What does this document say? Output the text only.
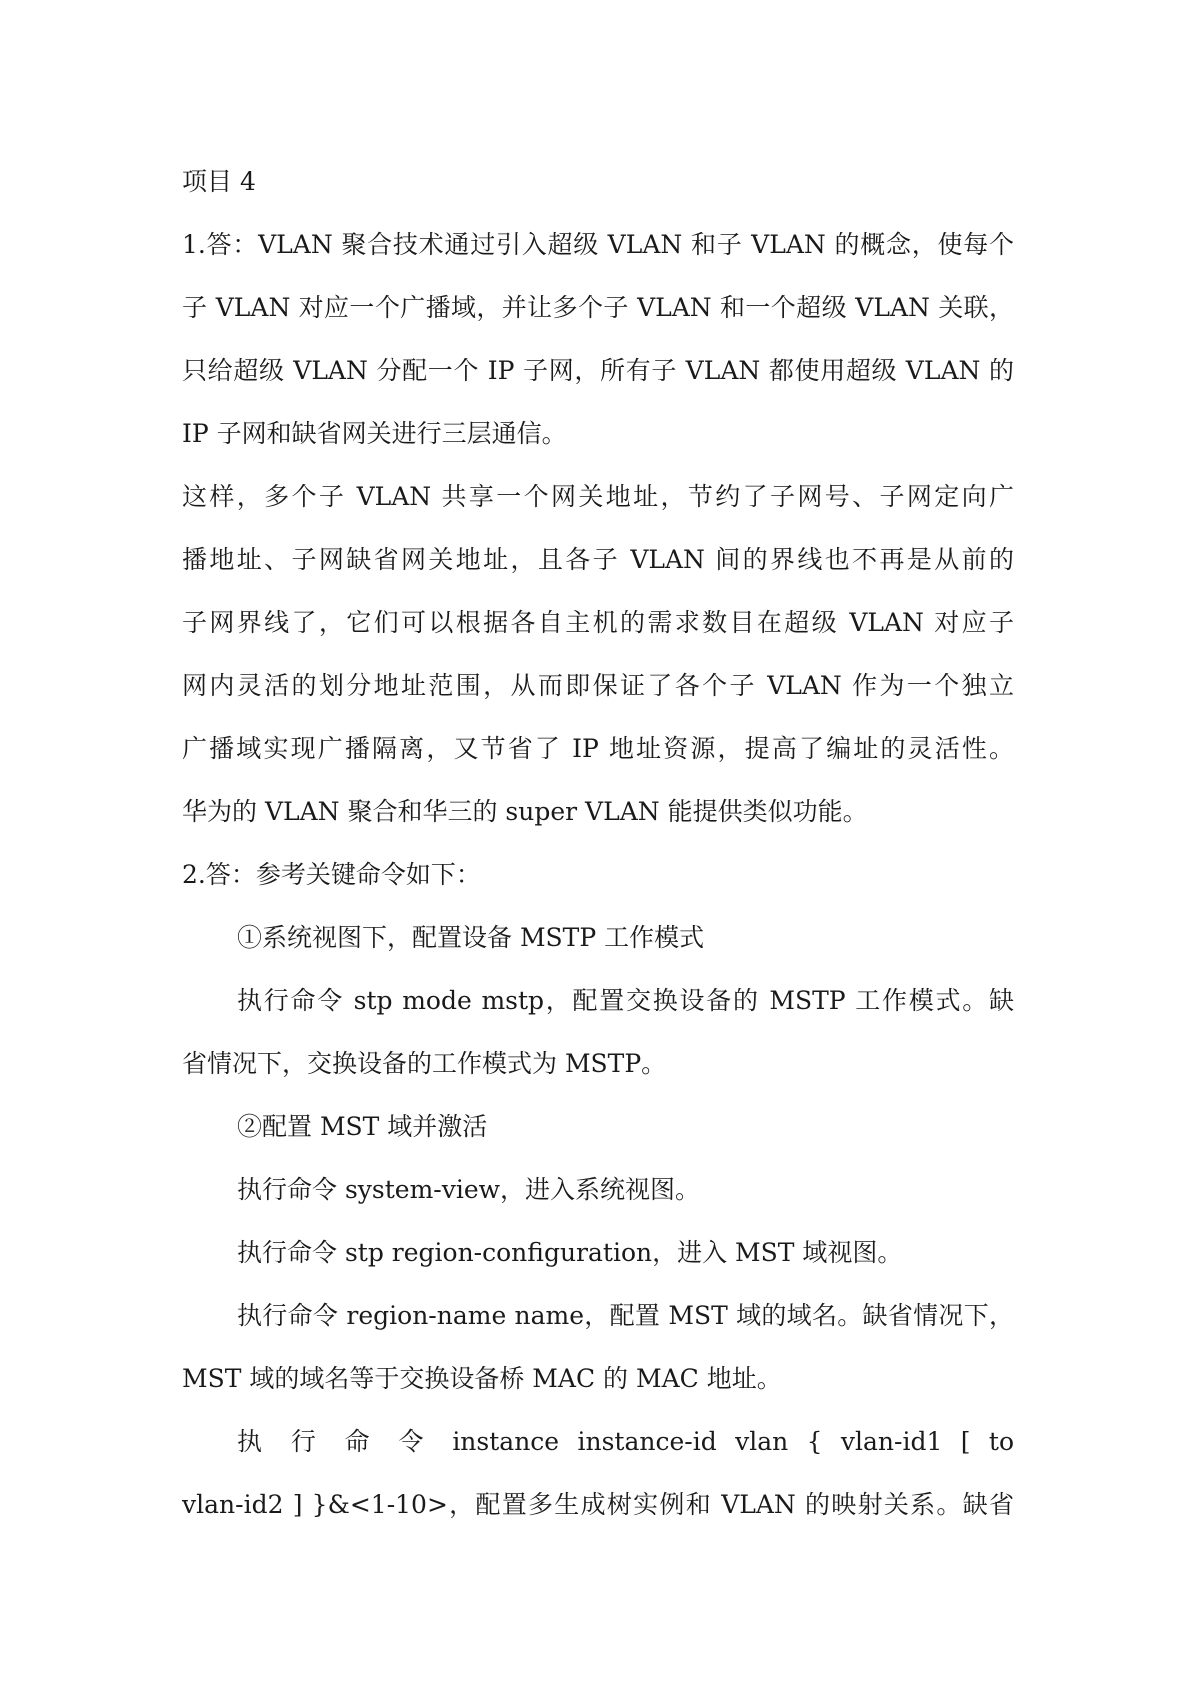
项目 4
1.答：VLAN 聚合技术通过引入超级 VLAN 和子 VLAN 的概念，使每个
子 VLAN 对应一个广播域，并让多个子 VLAN 和一个超级 VLAN 关联，
只给超级 VLAN 分配一个 IP 子网，所有子 VLAN 都使用超级 VLAN 的
IP 子网和缺省网关进行三层通信。
这样，多个子 VLAN 共享一个网关地址，节约了子网号、子网定向广
播地址、子网缺省网关地址，且各子 VLAN 间的界线也不再是从前的
子网界线了，它们可以根据各自主机的需求数目在超级 VLAN 对应子
网内灵活的划分地址范围，从而即保证了各个子 VLAN 作为一个独立
广播域实现广播隔离，又节省了 IP 地址资源，提高了编址的灵活性。
华为的 VLAN 聚合和华三的 super VLAN 能提供类似功能。
2.答：参考关键命令如下：
①系统视图下，配置设备 MSTP 工作模式
执行命令 stp mode mstp，配置交换设备的 MSTP 工作模式。缺
省情况下，交换设备的工作模式为 MSTP。
②配置 MST 域并激活
执行命令 system-view，进入系统视图。
执行命令 stp region-configuration，进入 MST 域视图。
执行命令 region-name name，配置 MST 域的域名。缺省情况下，
MST 域的域名等于交换设备桥 MAC 的 MAC 地址。
执 行 命 令 instance instance-id vlan { vlan-id1 [ to
vlan-id2 ] }&<1-10>，配置多生成树实例和 VLAN 的映射关系。缺省
